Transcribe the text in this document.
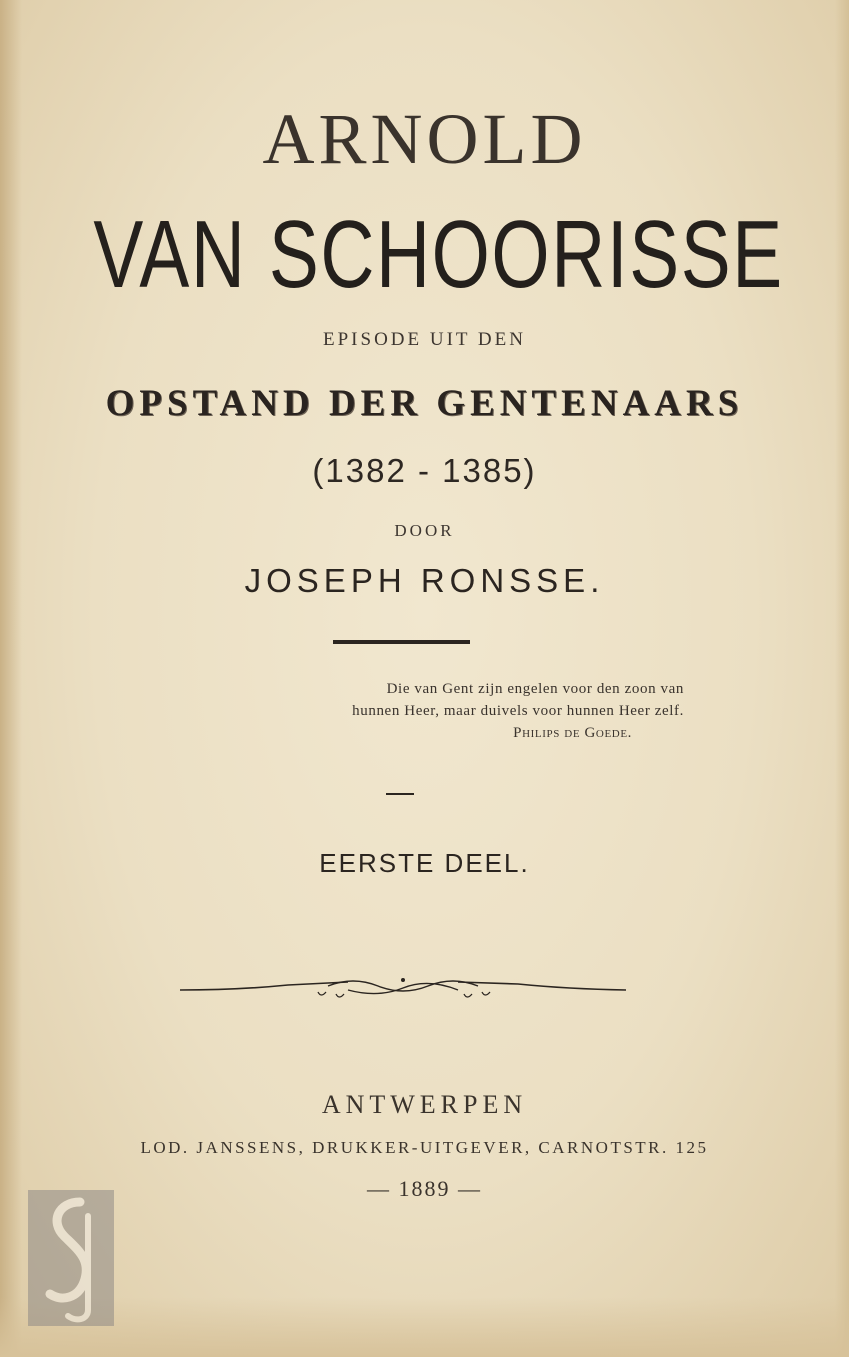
ARNOLD
VAN SCHOORISSE
EPISODE UIT DEN
OPSTAND DER GENTENAARS
(1382 - 1385)
DOOR
JOSEPH RONSSE.
Die van Gent zijn engelen voor den zoon van
hunnen Heer, maar duivels voor hunnen Heer zelf.
Philips de Goede.
EERSTE DEEL.
ANTWERPEN
LOD. JANSSENS, DRUKKER-UITGEVER, CARNOTSTR. 125
— 1889 —
